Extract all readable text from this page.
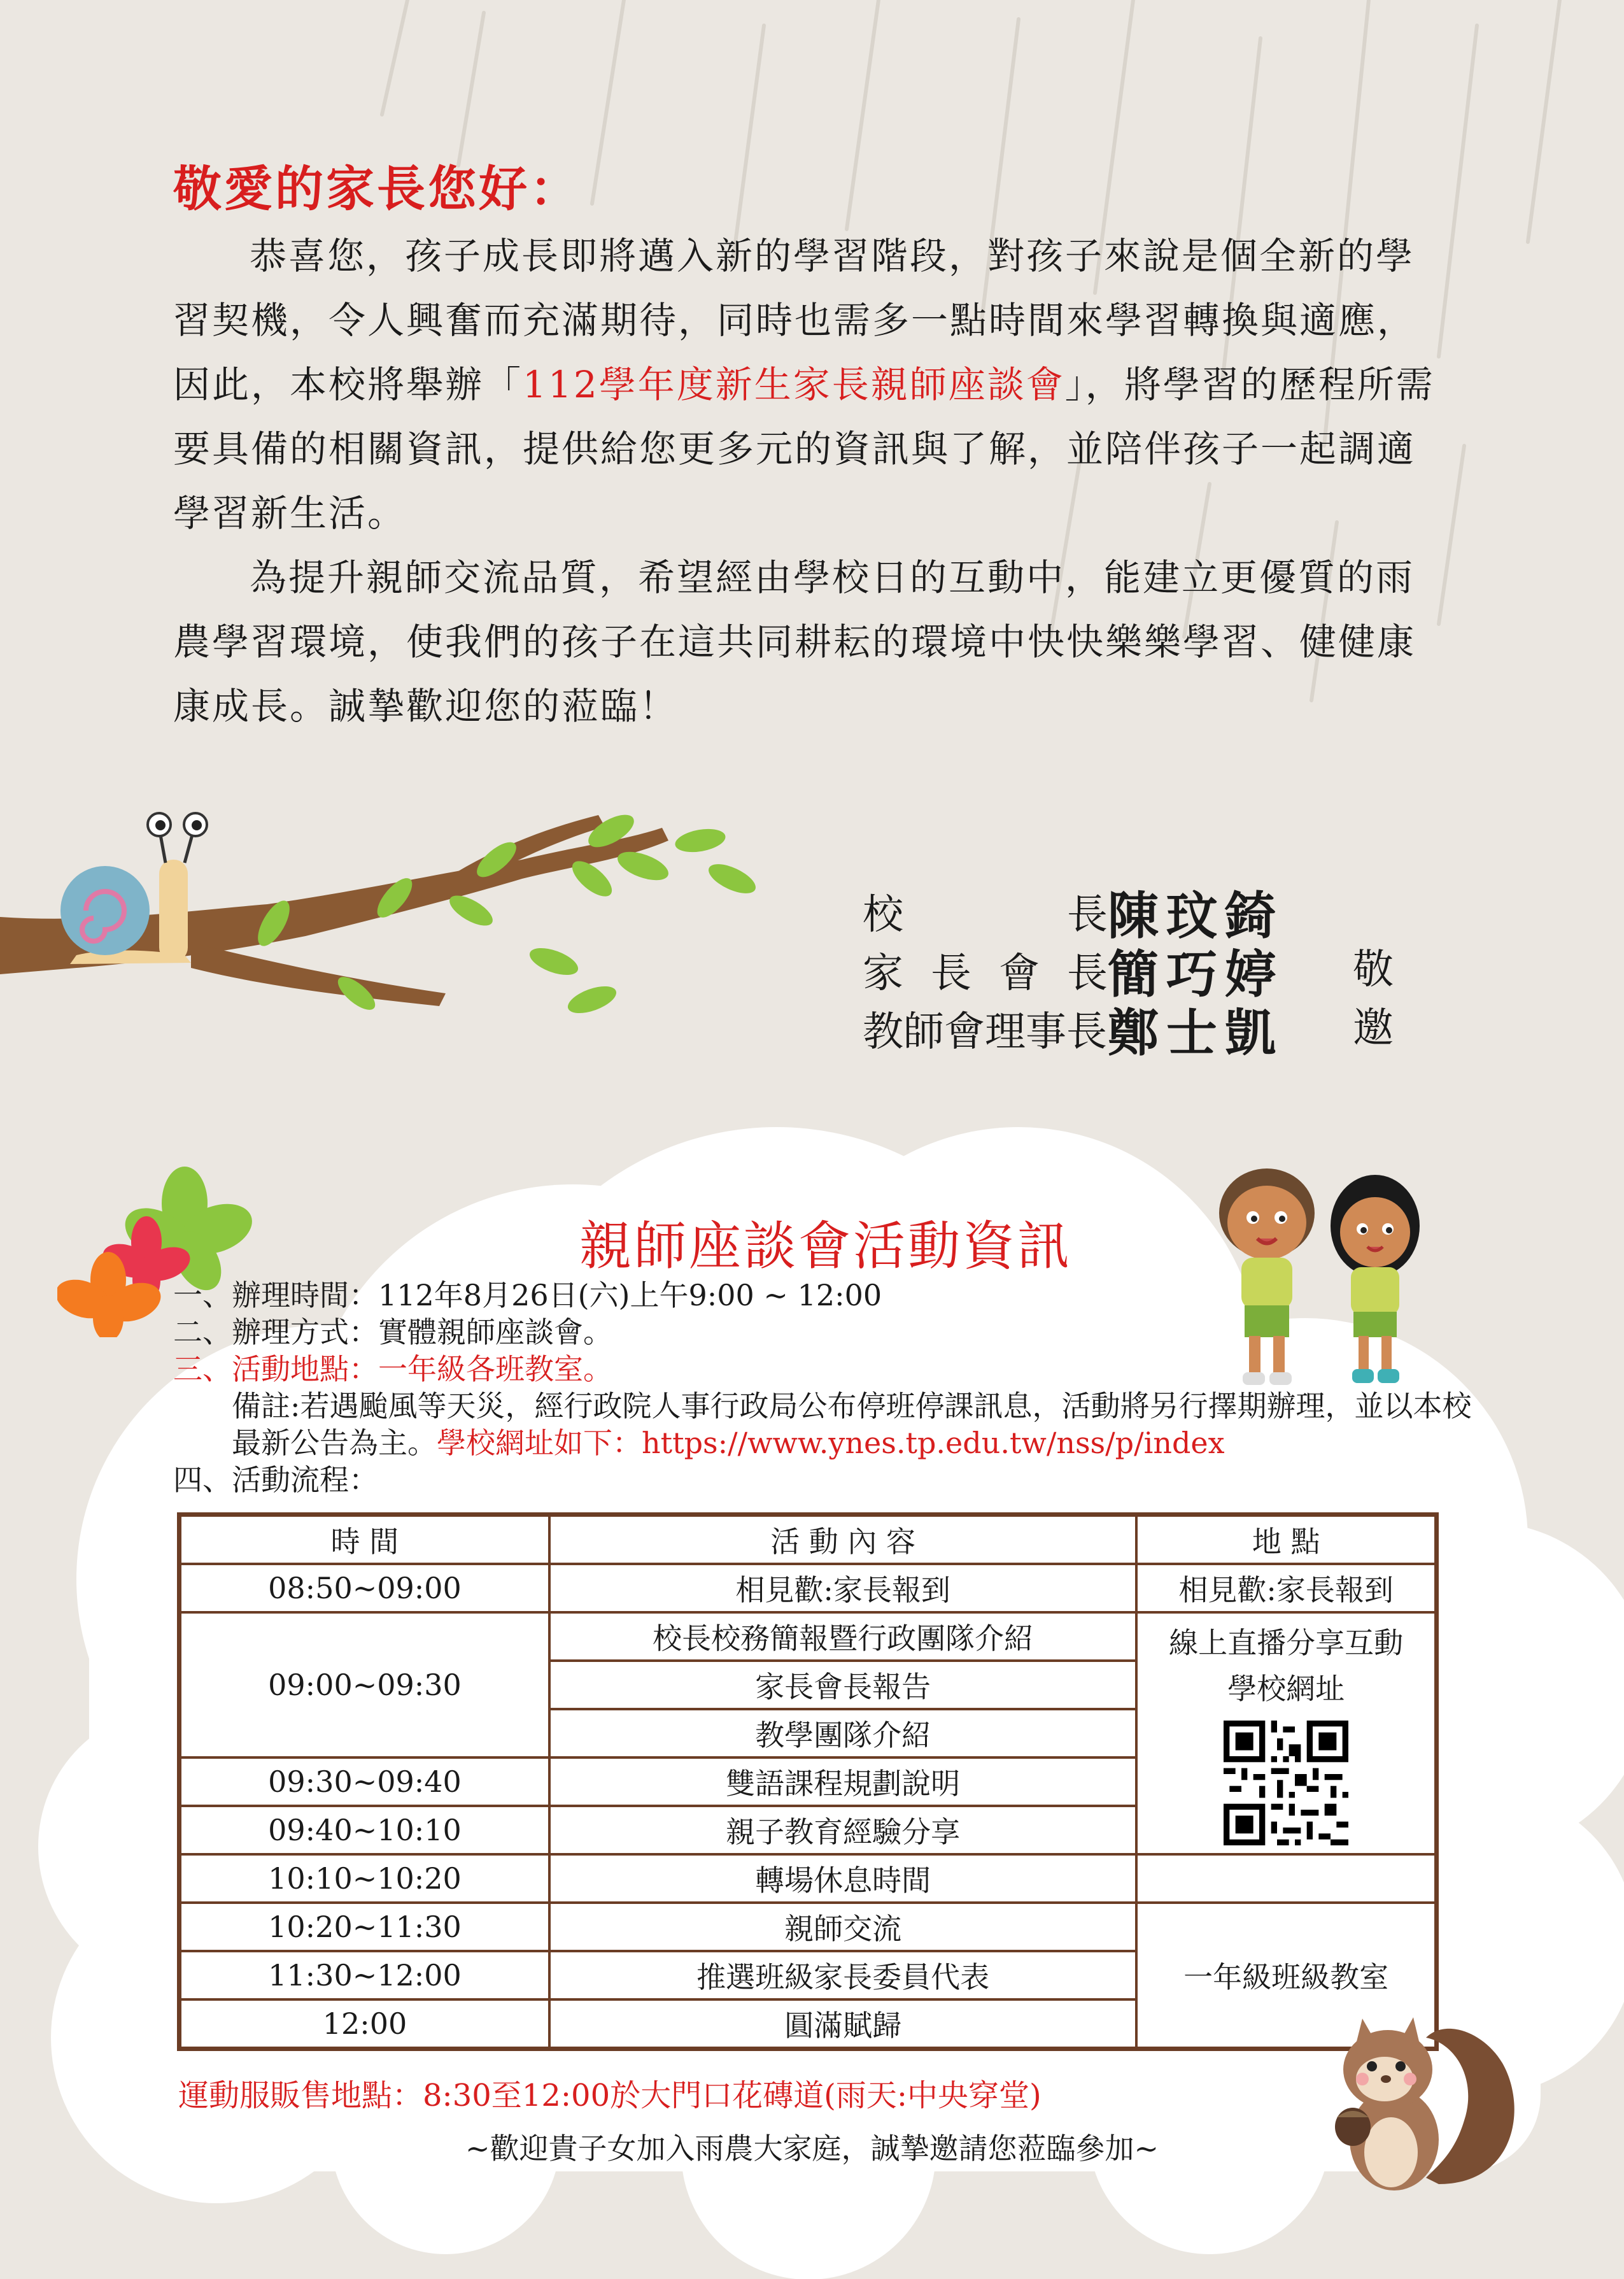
敬愛的家長您好：

恭喜您，孩子成長即將邁入新的學習階段，對孩子來說是個全新的學習契機，令人興奮而充滿期待，同時也需多一點時間來學習轉換與適應，因此，本校將舉辦「112學年度新生家長親師座談會」，將學習的歷程所需要具備的相關資訊，提供給您更多元的資訊與了解，並陪伴孩子一起調適學習新生活。

為提升親師交流品質，希望經由學校日的互動中，能建立更優質的雨農學習環境，使我們的孩子在這共同耕耘的環境中快快樂樂學習、健健康康成長。誠摯歡迎您的蒞臨！

校	長 陳玟錡
家 長 會 長 簡巧婷
教師會理事長 鄭士凱
敬邀
親師座談會活動資訊
一、辦理時間：112年8月26日(六)上午9:00 ~ 12:00
二、辦理方式：實體親師座談會。
三、活動地點：一年級各班教室。
備註:若遇颱風等天災，經行政院人事行政局公布停班停課訊息，活動將另行擇期辦理，並以本校最新公告為主。學校網址如下：https://www.ynes.tp.edu.tw/nss/p/index
四、活動流程：
時 間	活 動 內 容	地 點
08:50~09:00	相見歡:家長報到	相見歡:家長報到
09:00~09:30	校長校務簡報暨行政團隊介紹	線上直播分享互動
學校網址

	家長會長報告	
	教學團隊介紹	
09:30~09:40	雙語課程規劃說明	
09:40~10:10	親子教育經驗分享	
10:10~10:20	轉場休息時間	
10:20~11:30	親師交流	一年級班級教室
11:30~12:00	推選班級家長委員代表	
12:00	圓滿賦歸	
運動服販售地點：8:30至12:00於大門口花磚道(雨天:中央穿堂)
~歡迎貴子女加入雨農大家庭，誠摯邀請您蒞臨參加~
